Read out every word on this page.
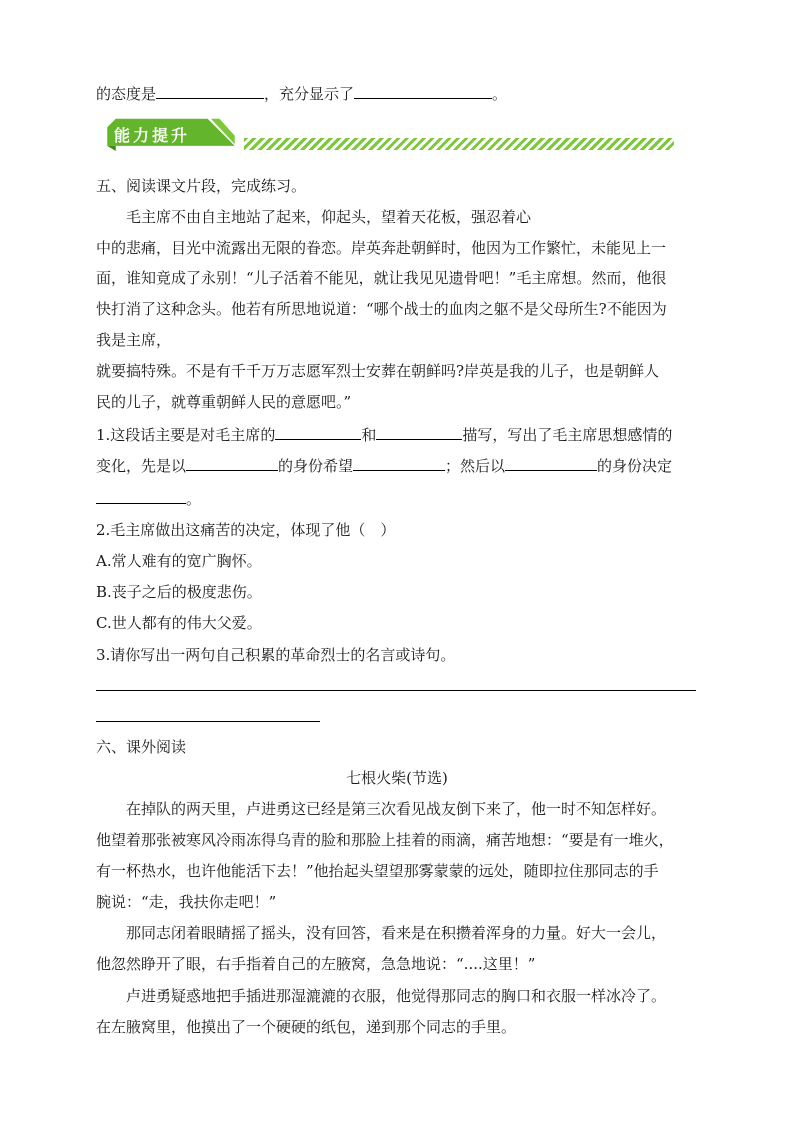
的态度是	，充分显示了	。
能力提升
五、阅读课文片段，完成练习。
毛主席不由自主地站了起来，仰起头，望着天花板，强忍着心
中的悲痛，目光中流露出无限的眷恋。岸英奔赴朝鲜时，他因为工作繁忙，未能见上一
面，谁知竟成了永别！“儿子活着不能见，就让我见见遗骨吧！”毛主席想。然而，他很
快打消了这种念头。他若有所思地说道：“哪个战士的血肉之躯不是父母所生?不能因为
我是主席，
就要搞特殊。不是有千千万万志愿军烈士安葬在朝鲜吗?岸英是我的儿子，也是朝鲜人
民的儿子，就尊重朝鲜人民的意愿吧。”
1.这段话主要是对毛主席的	和	描写，写出了毛主席思想感情的
变化，先是以	的身份希望	；然后以	的身份决定
。
2.毛主席做出这痛苦的决定，体现了他（　）
A.常人难有的宽广胸怀。
B.丧子之后的极度悲伤。
C.世人都有的伟大父爱。
3.请你写出一两句自己积累的革命烈士的名言或诗句。
六、课外阅读
七根火柴(节选)
在掉队的两天里，卢进勇这已经是第三次看见战友倒下来了，他一时不知怎样好。
他望着那张被寒风冷雨冻得乌青的脸和那脸上挂着的雨滴，痛苦地想：“要是有一堆火，
有一杯热水，也许他能活下去！”他抬起头望望那雾蒙蒙的远处，随即拉住那同志的手
腕说：“走，我扶你走吧！”
那同志闭着眼睛摇了摇头，没有回答，看来是在积攒着浑身的力量。好大一会儿，
他忽然睁开了眼，右手指着自己的左腋窝，急急地说：“....这里！”
卢进勇疑惑地把手插进那湿漉漉的衣服，他觉得那同志的胸口和衣服一样冰冷了。
在左腋窝里，他摸出了一个硬硬的纸包，递到那个同志的手里。
